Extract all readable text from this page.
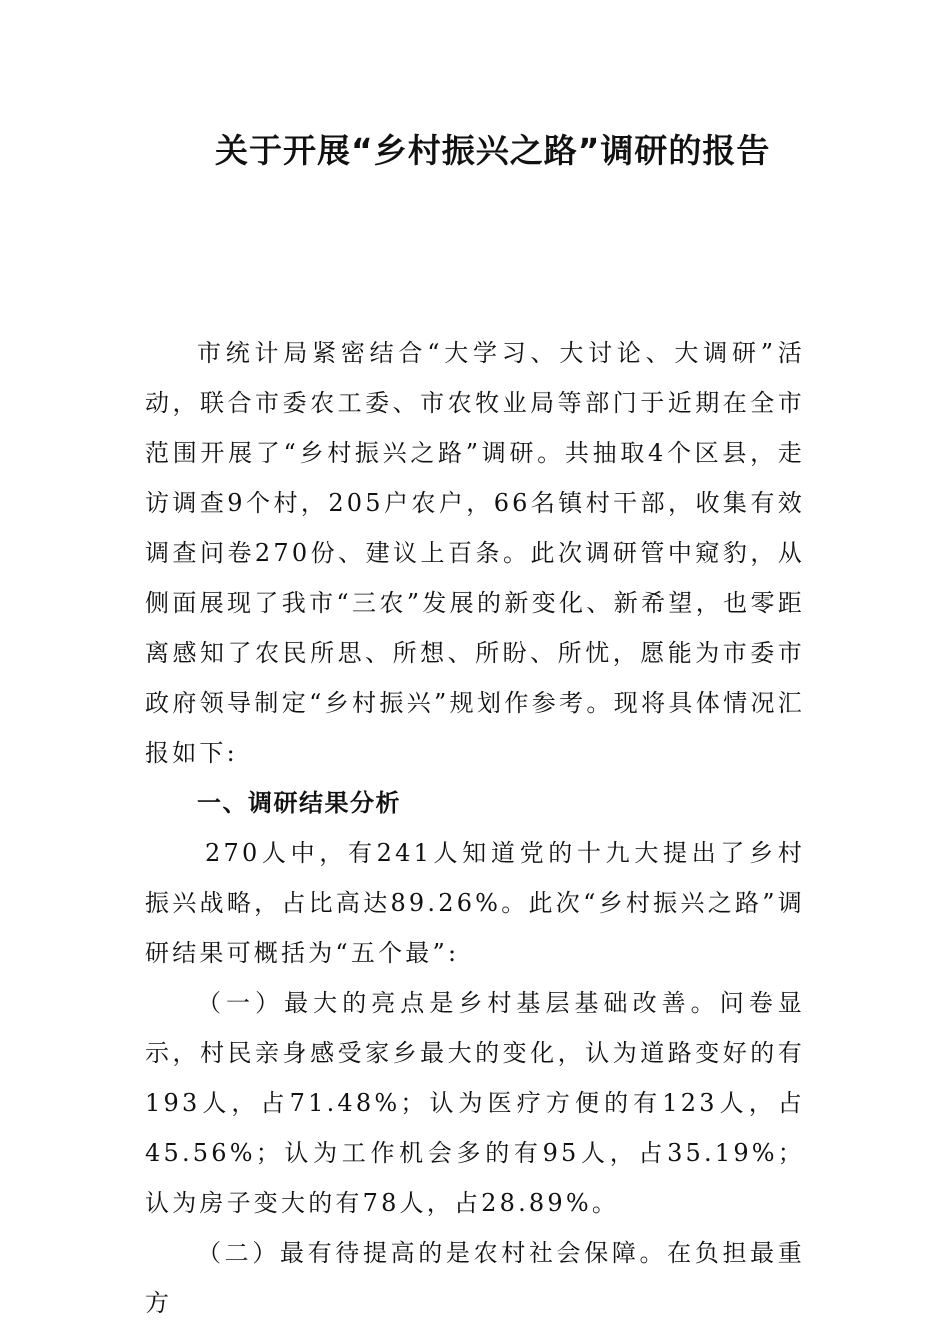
关于开展“乡村振兴之路”调研的报告

市统计局紧密结合“大学习、大讨论、大调研”活动，联合市委农工委、市农牧业局等部门于近期在全市范围开展了“乡村振兴之路”调研。共抽取4个区县，走访调查9个村，205户农户，66名镇村干部，收集有效调查问卷270份、建议上百条。此次调研管中窥豹，从侧面展现了我市“三农”发展的新变化、新希望，也零距离感知了农民所思、所想、所盼、所忧，愿能为市委市政府领导制定“乡村振兴”规划作参考。现将具体情况汇报如下:

一、调研结果分析

270人中，有241人知道党的十九大提出了乡村振兴战略，占比高达89.26%。此次“乡村振兴之路”调研结果可概括为“五个最”:

（一）最大的亮点是乡村基层基础改善。问卷显示，村民亲身感受家乡最大的变化，认为道路变好的有193人，占71.48%；认为医疗方便的有123人，占45.56%；认为工作机会多的有95人，占35.19%；认为房子变大的有78人，占28.89%。

（二）最有待提高的是农村社会保障。在负担最重方
